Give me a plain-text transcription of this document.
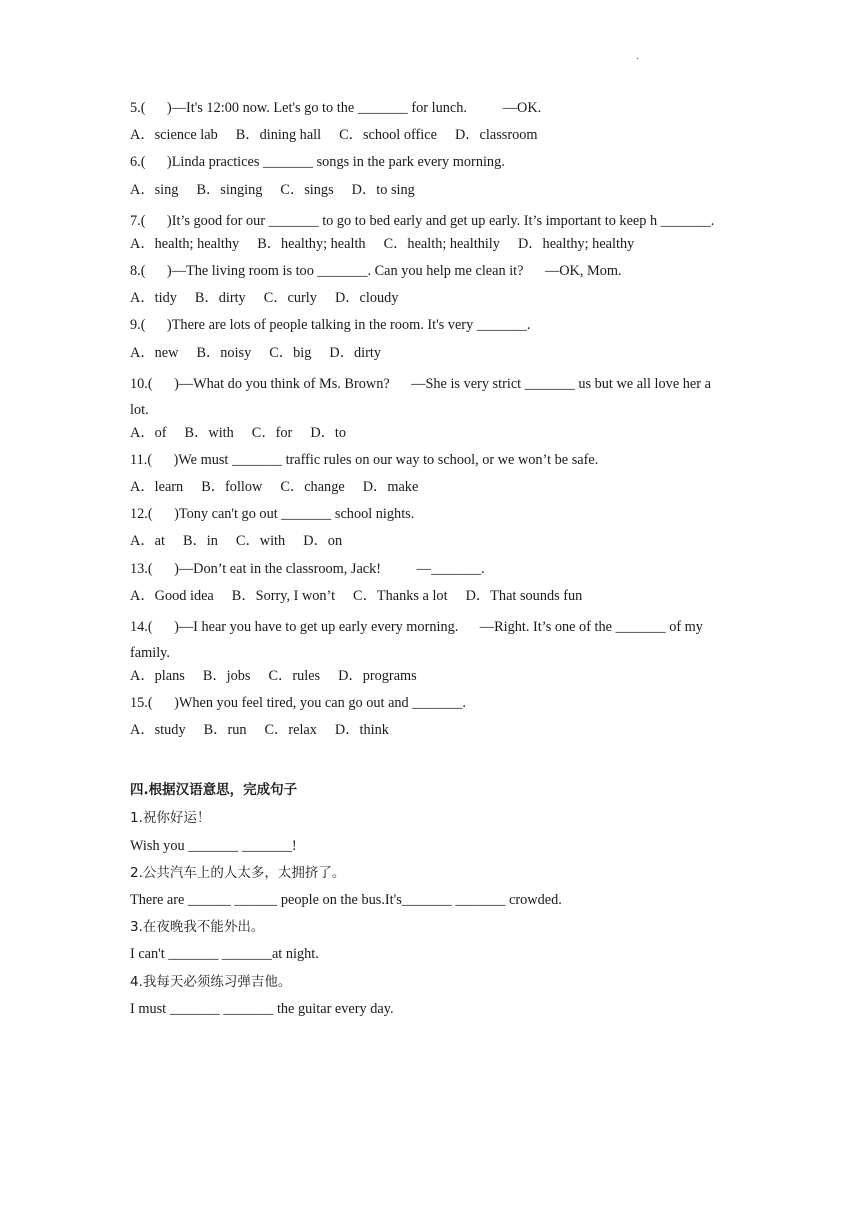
·
5.(      )—It's 12:00 now. Let's go to the _______ for lunch.          —OK.
A．science lab B．dining hall C．school office D．classroom
6.(      )Linda practices _______ songs in the park every morning.
A．sing B．singing C．sings D．to sing
7.(      )It’s good for our _______ to go to bed early and get up early. It’s important to keep h _______.
A．health; healthy B．healthy; health C．health; healthily D．healthy; healthy
8.(      )—The living room is too _______. Can you help me clean it?      —OK, Mom.
A．tidy B．dirty C．curly D．cloudy
9.(      )There are lots of people talking in the room. It's very _______.
A．new B．noisy C．big D．dirty
10.(      )—What do you think of Ms. Brown?      —She is very strict _______ us but we all love her a lot.
A．of B．with C．for D．to
11.(      )We must _______ traffic rules on our way to school, or we won’t be safe.
A．learn B．follow C．change D．make
12.(      )Tony can't go out _______ school nights.
A．at B．in C．with D．on
13.(      )—Don’t eat in the classroom, Jack!          —_______.
A．Good idea B．Sorry, I won’t C．Thanks a lot D．That sounds fun
14.(      )—I hear you have to get up early every morning.      —Right. It’s one of the _______ of my family.
A．plans B．jobs C．rules D．programs
15.(      )When you feel tired, you can go out and _______.
A．study B．run C．relax D．think
四.根据汉语意思，完成句子
1.祝你好运！
Wish you _______ _______!
2.公共汽车上的人太多，太拥挤了。
There are ______ ______ people on the bus.It's_______ _______ crowded.
3.在夜晚我不能外出。
I can't _______ _______at night.
4.我每天必须练习弹吉他。
I must _______ _______ the guitar every day.
